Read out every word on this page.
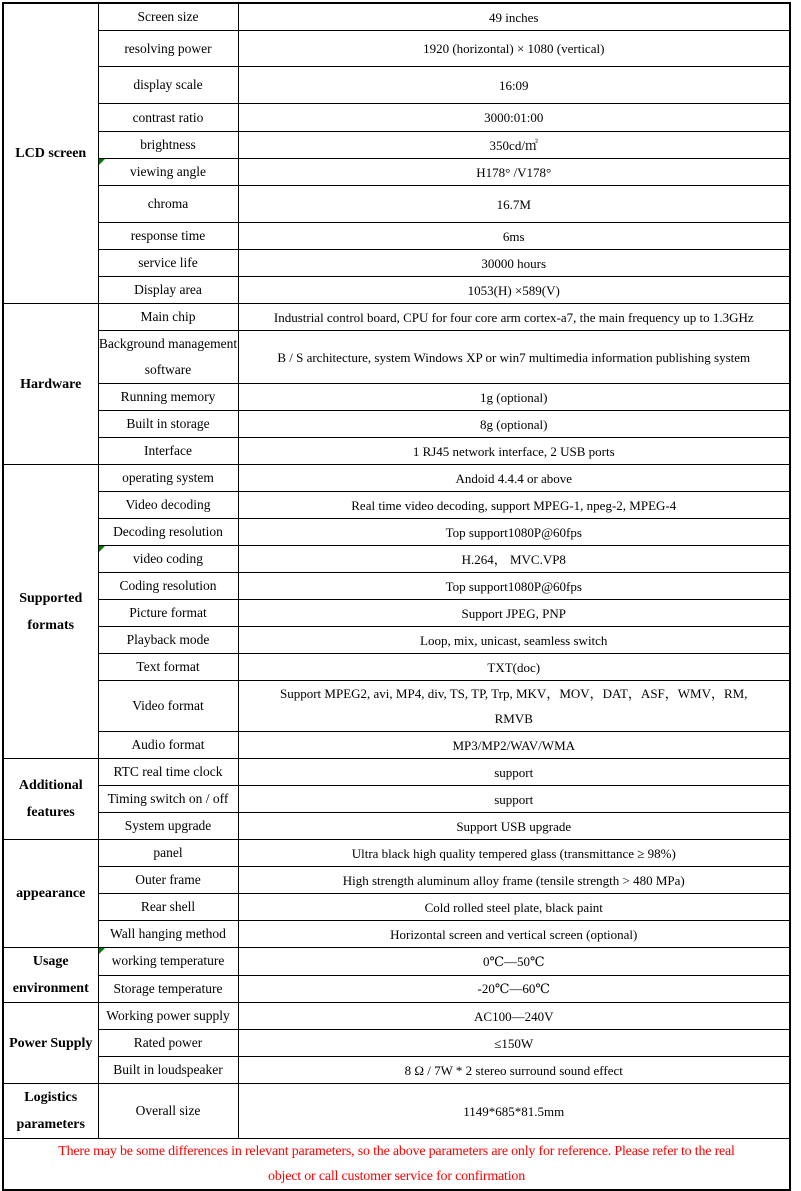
LCD screen	Screen size	49 inches
	resolving power	1920 (horizontal) × 1080 (vertical)
	display scale	16:09
	contrast ratio	3000:01:00
	brightness	350cd/㎡
	viewing angle	H178° /V178°
	chroma	16.7M
	response time	6ms
	service life	30000 hours
	Display area	1053(H) ×589(V)
Hardware	Main chip	Industrial control board, CPU for four core arm cortex-a7, the main frequency up to 1.3GHz
	Background management software	B / S architecture, system Windows XP or win7 multimedia information publishing system
	Running memory	1g (optional)
	Built in storage	8g (optional)
	Interface	1 RJ45 network interface, 2 USB ports
Supported formats	operating system	Andoid 4.4.4 or above
	Video decoding	Real time video decoding, support MPEG-1, npeg-2, MPEG-4
	Decoding resolution	Top support1080P@60fps
	video coding	H.264， MVC.VP8
	Coding resolution	Top support1080P@60fps
	Picture format	Support JPEG, PNP
	Playback mode	Loop, mix, unicast, seamless switch
	Text format	TXT(doc)
	Video format	Support MPEG2, avi, MP4, div, TS, TP, Trp, MKV，MOV，DAT，ASF，WMV，RM,
RMVB

	Audio format	MP3/MP2/WAV/WMA
Additional features	RTC real time clock	support
	Timing switch on / off	support
	System upgrade	Support USB upgrade
appearance	panel	Ultra black high quality tempered glass (transmittance ≥ 98%)
	Outer frame	High strength aluminum alloy frame (tensile strength > 480 MPa)
	Rear shell	Cold rolled steel plate, black paint
	Wall hanging method	Horizontal screen and vertical screen (optional)
Usage environment	working temperature	0℃—50℃
	Storage temperature	-20℃—60℃
Power Supply	Working power supply	AC100—240V
	Rated power	≤150W
	Built in loudspeaker	8 Ω / 7W * 2 stereo surround sound effect
Logistics parameters	Overall size	1149*685*81.5mm

There may be some differences in relevant parameters, so the above parameters are only for reference. Please refer to the real
object or call customer service for confirmation		
